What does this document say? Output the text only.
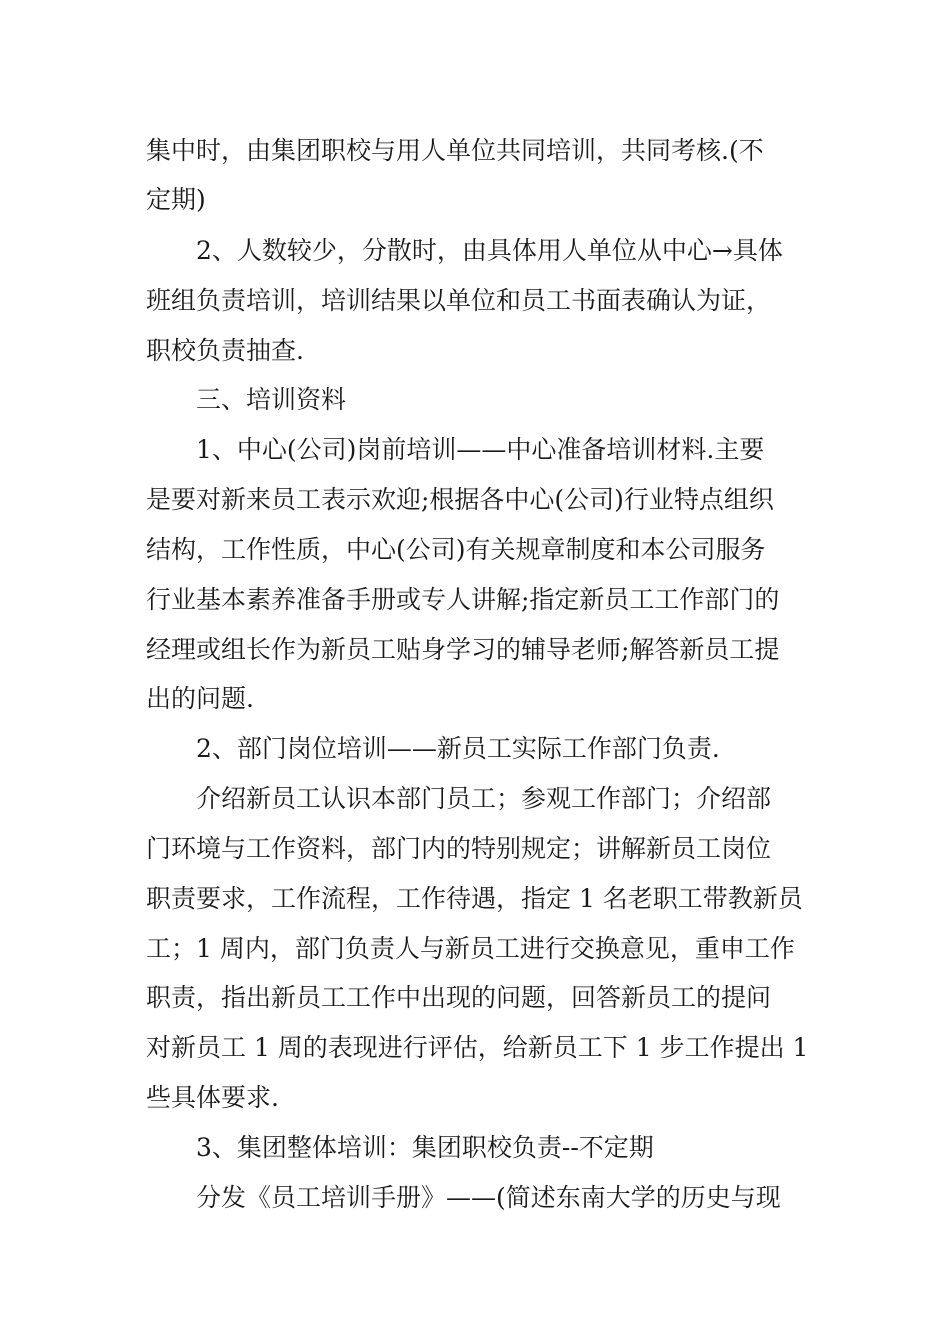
集中时，由集团职校与用人单位共同培训，共同考核.(不
定期)
2、人数较少，分散时，由具体用人单位从中心→具体
班组负责培训，培训结果以单位和员工书面表确认为证，
职校负责抽查.
三、培训资料
1、中心(公司)岗前培训——中心准备培训材料.主要
是要对新来员工表示欢迎;根据各中心(公司)行业特点组织
结构，工作性质，中心(公司)有关规章制度和本公司服务
行业基本素养准备手册或专人讲解;指定新员工工作部门的
经理或组长作为新员工贴身学习的辅导老师;解答新员工提
出的问题.
2、部门岗位培训——新员工实际工作部门负责.
介绍新员工认识本部门员工；参观工作部门；介绍部
门环境与工作资料，部门内的特别规定；讲解新员工岗位
职责要求，工作流程，工作待遇，指定 1 名老职工带教新员
工；1 周内，部门负责人与新员工进行交换意见，重申工作
职责，指出新员工工作中出现的问题，回答新员工的提问
对新员工 1 周的表现进行评估，给新员工下 1 步工作提出 1
些具体要求.
3、集团整体培训：集团职校负责--不定期
分发《员工培训手册》——(简述东南大学的历史与现
